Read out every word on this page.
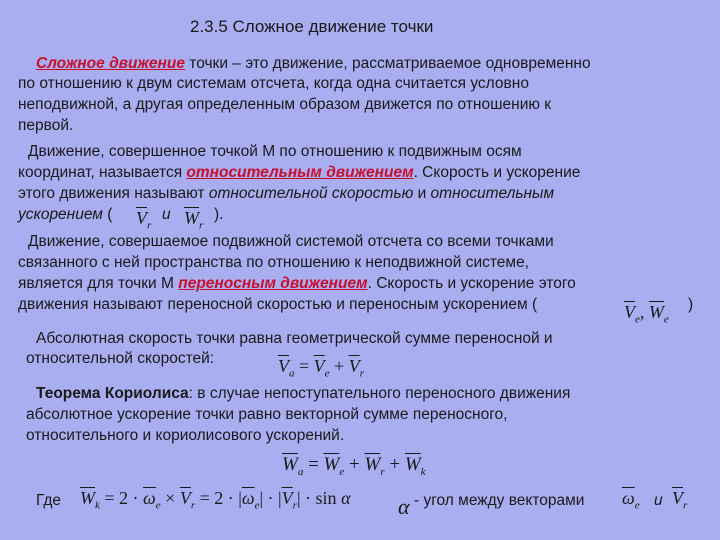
2.3.5 Сложное движение точки
Сложное движение точки – это движение, рассматриваемое одновременно
по отношению к двум системам отсчета, когда одна считается условно
неподвижной, а другая определенным образом движется по отношению к
первой.
Движение, совершенное точкой М по отношению к подвижным осям
координат, называется относительным движением. Скорость и ускорение
этого движения называют относительной скоростью и относительным
ускорением ( $\overline{V}_r$
и $\overline{W}_r$
).
Движение, совершаемое подвижной системой отсчета со всеми точками
связанного с ней пространства по отношению к неподвижной системе,
является для точки М переносным движением. Скорость и ускорение этого
движения называют переносной скоростью и переносным ускорением (	$\overline{V}_e$, $\overline{W}_e$
)
Абсолютная скорость точки равна геометрической сумме переносной и
относительной скоростей:	$\overline{V}_a = \overline{V}_e + \overline{V}_r$
Теорема Кориолиса: в случае непоступательного переносного движения
абсолютное ускорение точки равно векторной сумме переносного,
относительного и кориолисового ускорений.
$\overline{W}_a = \overline{W}_e + \overline{W}_r + \overline{W}_k$
Где $\overline{W}_k = 2 \cdot \overline{\omega}_e \times \overline{V}_r = 2 \cdot |\overline{\omega}_e| \cdot |\overline{V}_r| \cdot \sin \alpha$ α - угол между векторами $\overline{\omega}_e$ и $\overline{V}_r$
